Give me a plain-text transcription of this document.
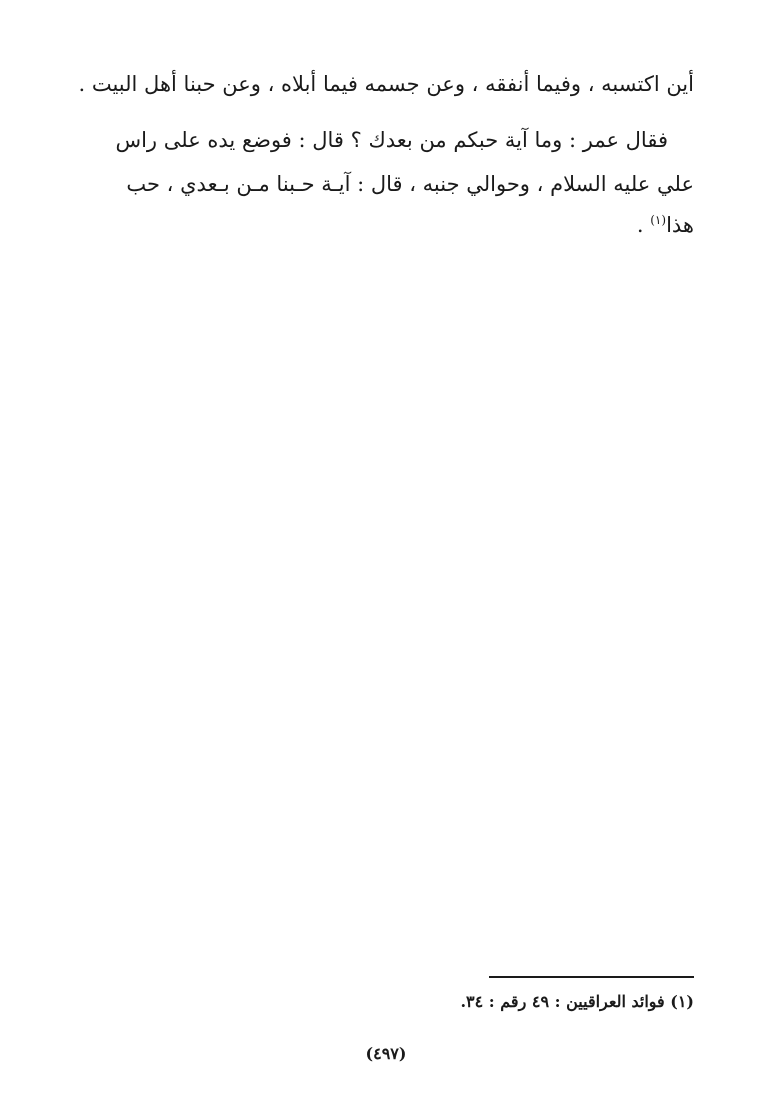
أين اكتسبه ، وفيما أنفقه ، وعن جسمه فيما أبلاه ، وعن حبنا أهل البيت .

فقال عمر : وما آية حبكم من بعدك ؟ قال : فوضع يده على راس

علي عليه السلام ، وحوالي جنبه ، قال : آيـة حـبنا مـن بـعدي ، حب

هذا$^{(١)}$ .

(١) فوائد العراقيين : ٤٩ رقم : ٣٤.

(٤٩٧)
